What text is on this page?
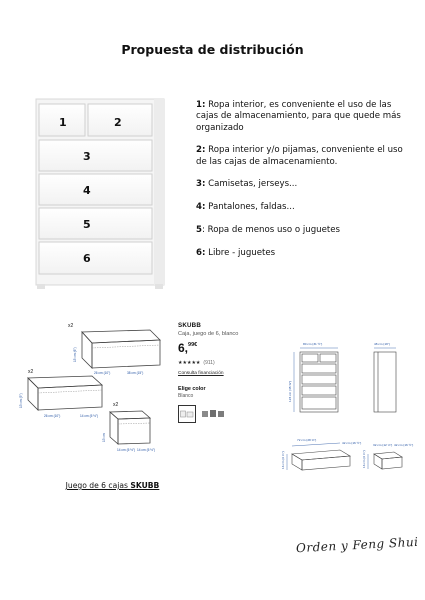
Propuesta de distribución
1	2
3
4
5
6

1: Ropa interior, es conveniente el uso de las cajas de almacenamiento, para que quede más organizado

2: Ropa interior y/o pijamas, conveniente el uso de las cajas de almacenamiento.

3: Camisetas, jerseys...

4: Pantalones, faldas...

5: Ropa de menos uso o juguetes

6: Libre - juguetes

x2
x2
x2
15 cm (6")
26 cm (10")	38 cm (15")
13 cm (5")
26 cm (10")	14 cm (5 ½")
13 cm
14 cm (5 ½") 14 cm (5 ½")
Juego de 6 cajas SKUBB
SKUBB
Caja, juego de 6, blanco
6,$^{99€}$
★★★★★ (911)
Consulta financiación
Elige color
Blanco
80 cm (31 ½")	48 cm (19")
123 cm (48 ⅜")
72 cm (28 ⅜")
42 cm (16 ½")
16 cm (6 ¼")
32 cm (12 ⅝") 42 cm (16 ½")
16 cm (6 ¼")
Orden y Feng Shui
